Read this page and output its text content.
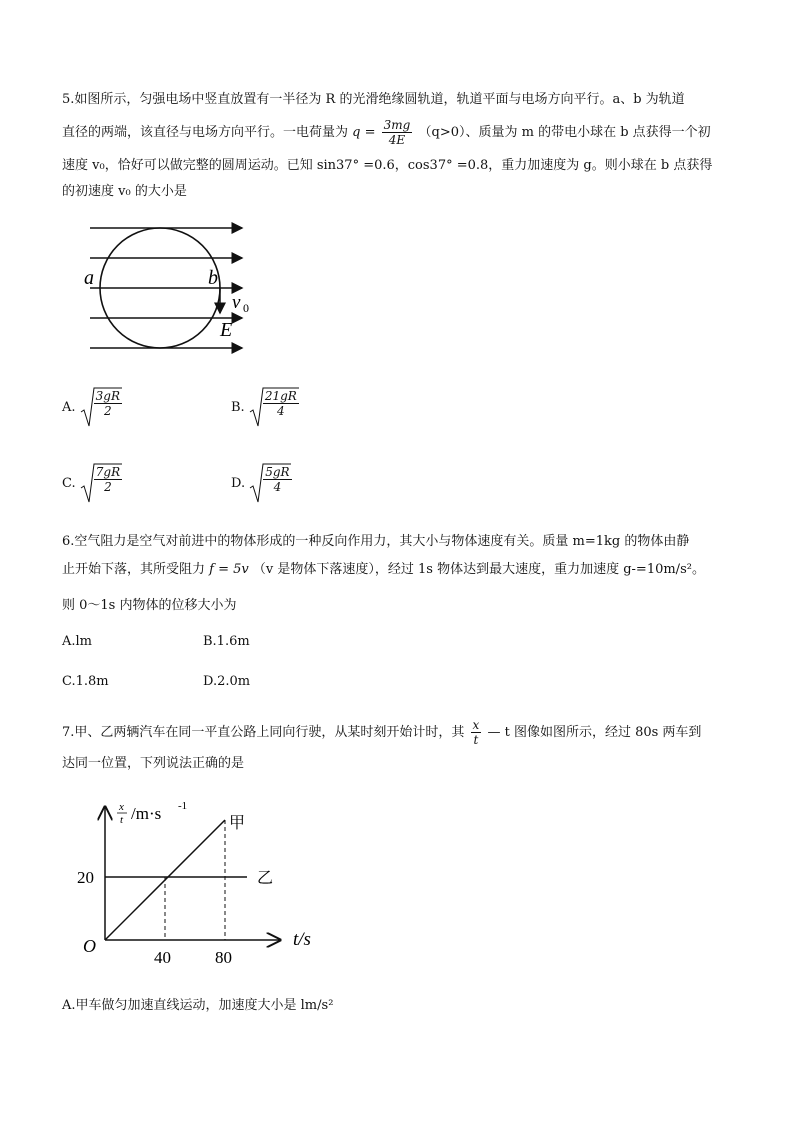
5.如图所示，匀强电场中竖直放置有一半径为 R 的光滑绝缘圆轨道，轨道平面与电场方向平行。a、b 为轨道
直径的两端，该直径与电场方向平行。一电荷量为 $q = \frac{3mg}{4E} (q>0)$、质量为 m 的带电小球在 b 点获得一个初
速度 v₀，恰好可以做完整的圆周运动。已知 sin37° =0.6，cos37° =0.8，重力加速度为 g。则小球在 b 点获得
的初速度 v₀ 的大小是
a	b
v 0
E
A. $\frac{3gR}{2}$	B. $\frac{21gR}{4}$
C. $\frac{7gR}{2}$	D. $\frac{5gR}{4}$
6.空气阻力是空气对前进中的物体形成的一种反向作用力，其大小与物体速度有关。质量 m=1kg 的物体由静
止开始下落，其所受阻力 f = 5v （v 是物体下落速度），经过 1s 物体达到最大速度，重力加速度 g-=10m/s²。
则 0～1s 内物体的位移大小为
A.lm	B.1.6m
C.1.8m	D.2.0m
7.甲、乙两辆汽车在同一平直公路上同向行驶，从某时刻开始计时，其 $\frac{x}{t}$ — t 图像如图所示，经过 80s 两车到
达同一位置，下列说法正确的是
x
t /m·s -1
甲
乙
20
O
40	80
t/s
A.甲车做匀加速直线运动，加速度大小是 lm/s²
